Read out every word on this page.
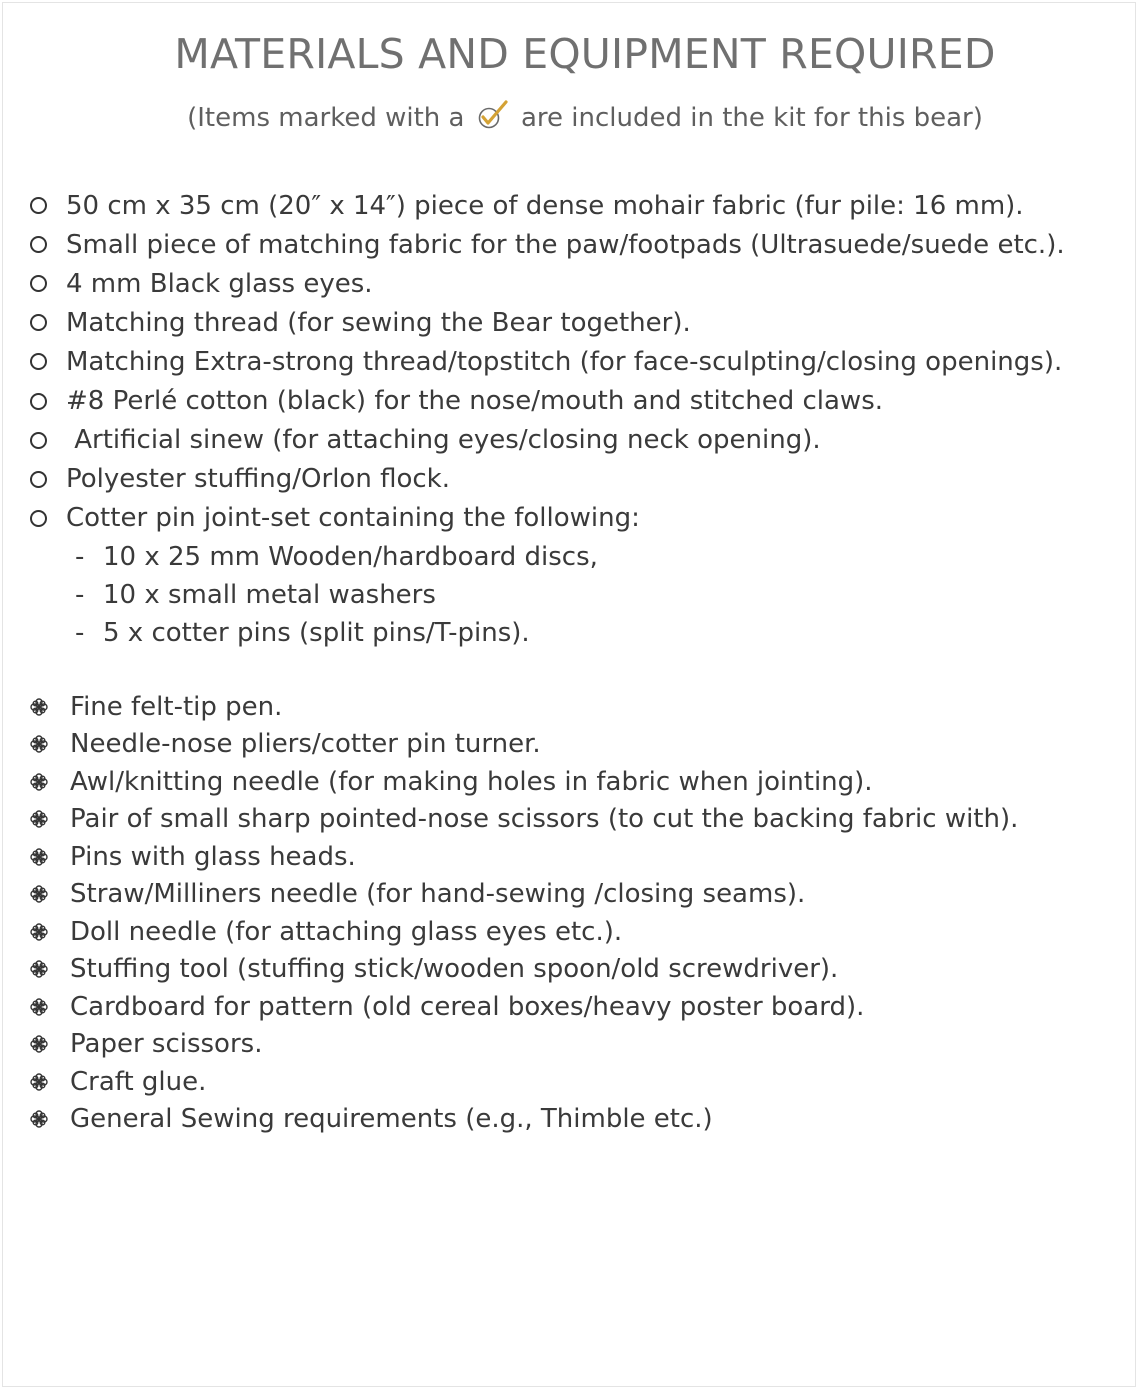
MATERIALS AND EQUIPMENT REQUIRED
(Items marked with a are included in the kit for this bear)
50 cm x 35 cm (20″ x 14″) piece of dense mohair fabric (fur pile: 16 mm).
Small piece of matching fabric for the paw/footpads (Ultrasuede/suede etc.).
4 mm Black glass eyes.
Matching thread (for sewing the Bear together).
Matching Extra-strong thread/topstitch (for face-sculpting/closing openings).
#8 Perlé cotton (black) for the nose/mouth and stitched claws.
Artificial sinew (for attaching eyes/closing neck opening).
Polyester stuffing/Orlon flock.
Cotter pin joint-set containing the following:
- 10 x 25 mm Wooden/hardboard discs,
- 10 x small metal washers
- 5 x cotter pins (split pins/T-pins).
Fine felt-tip pen.
Needle-nose pliers/cotter pin turner.
Awl/knitting needle (for making holes in fabric when jointing).
Pair of small sharp pointed-nose scissors (to cut the backing fabric with).
Pins with glass heads.
Straw/Milliners needle (for hand-sewing /closing seams).
Doll needle (for attaching glass eyes etc.).
Stuffing tool (stuffing stick/wooden spoon/old screwdriver).
Cardboard for pattern (old cereal boxes/heavy poster board).
Paper scissors.
Craft glue.
General Sewing requirements (e.g., Thimble etc.)
